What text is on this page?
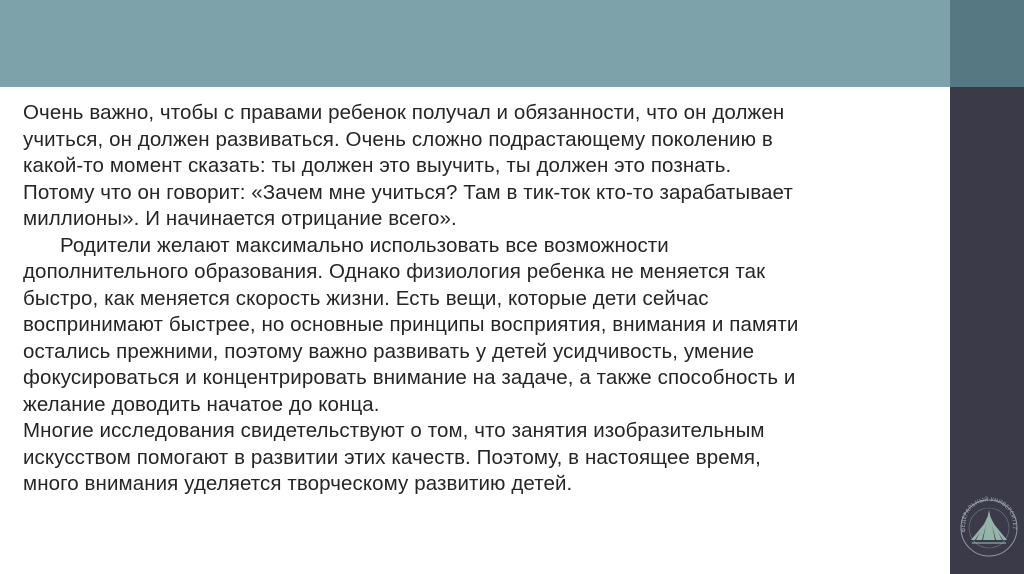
Очень важно, чтобы с правами ребенок получал и обязанности, что он должен
учиться, он должен развиваться. Очень сложно подрастающему поколению в
какой-то момент сказать: ты должен это выучить, ты должен это познать.
Потому что он говорит: «Зачем мне учиться? Там в тик-ток кто-то зарабатывает
миллионы». И начинается отрицание всего».
Родители желают максимально использовать все возможности
дополнительного образования. Однако физиология ребенка не меняется так
быстро, как меняется скорость жизни. Есть вещи, которые дети сейчас
воспринимают быстрее, но основные принципы восприятия, внимания и памяти
остались прежними, поэтому важно развивать у детей усидчивость, умение
фокусироваться и концентрировать внимание на задаче, а также способность и
желание доводить начатое до конца.
Многие исследования свидетельствуют о том, что занятия изобразительным
искусством помогают в развитии этих качеств. Поэтому, в настоящее время,
много внимания уделяется творческому развитию детей.
ФЕДЕРАЛЬНЫЙ УНИВЕРСИТЕТ
